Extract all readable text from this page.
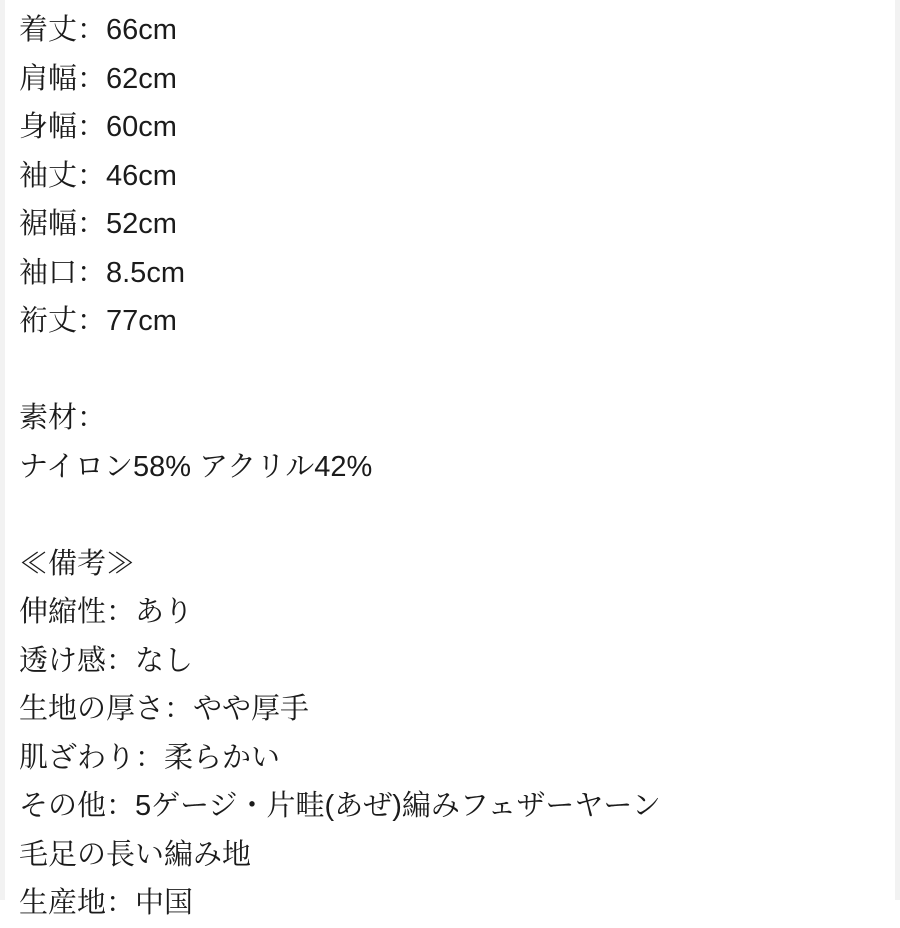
着丈：66cm
肩幅：62cm
身幅：60cm
袖丈：46cm
裾幅：52cm
袖口：8.5cm
裄丈：77cm
素材：
ナイロン58% アクリル42%
≪備考≫
伸縮性：あり
透け感：なし
生地の厚さ：やや厚手
肌ざわり：柔らかい
その他：5ゲージ・片畦(あぜ)編みフェザーヤーン
毛足の長い編み地
生産地：中国
